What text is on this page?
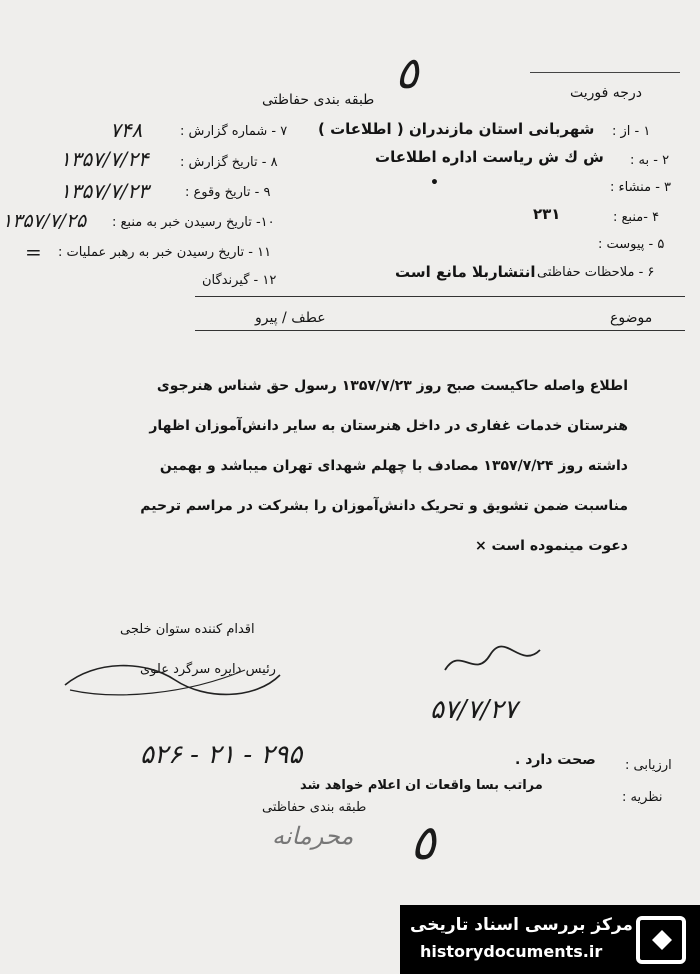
طبقه بندی حفاظتی
٥	درجه فوریت
۷ - شماره گزارش :
۷۴۸
۸ - تاریخ گزارش :
۱۳۵۷/۷/۲۴
۹ - تاریخ وقوع :
۱۳۵۷/۷/۲۳
۱۰- تاریخ رسیدن خبر به منبع :
۱۳۵۷/۷/۲۵
۱۱ - تاریخ رسیدن خبر به رهبر عملیات :
=
۱۲ - گیرندگان
۱ - از :
شهربانی استان مازندران ( اطلاعات )
۲ - به :
ش ك ش ریاست اداره اطلاعات
۳ - منشاء :
•
۴ -منبع :
۲۳۱
۵ - پیوست :
۶ - ملاحظات حفاظتی
انتشاربلا مانع است
عطف / پیرو	موضوع
اطلاع واصله حاکیست صبح روز ۱۳۵۷/۷/۲۳ رسول حق شناس هنرجوی
هنرستان خدمات غفاری در داخل هنرستان به سایر دانش‌آموزان اظهار
داشته روز ۱۳۵۷/۷/۲۴ مصادف با چهلم شهدای تهران میباشد و بهمین
مناسبت ضمن تشویق و تحریک دانش‌آموزان را بشرکت در مراسم ترحیم
دعوت مینموده است ×
اقدام کننده ستوان خلجی
رئیس دایره سرگرد علوی
۵۷/۷/۲۷
۵۲۶ - ۲۱ - ۲۹۵	ارزیابی :
صحت دارد .
نظریه :
مراتب بسا واقعات ان اعلام خواهد شد
طبقه بندی حفاظتی
محرمانه ٥
مرکز بررسی اسناد تاریخی
historydocuments.ir
